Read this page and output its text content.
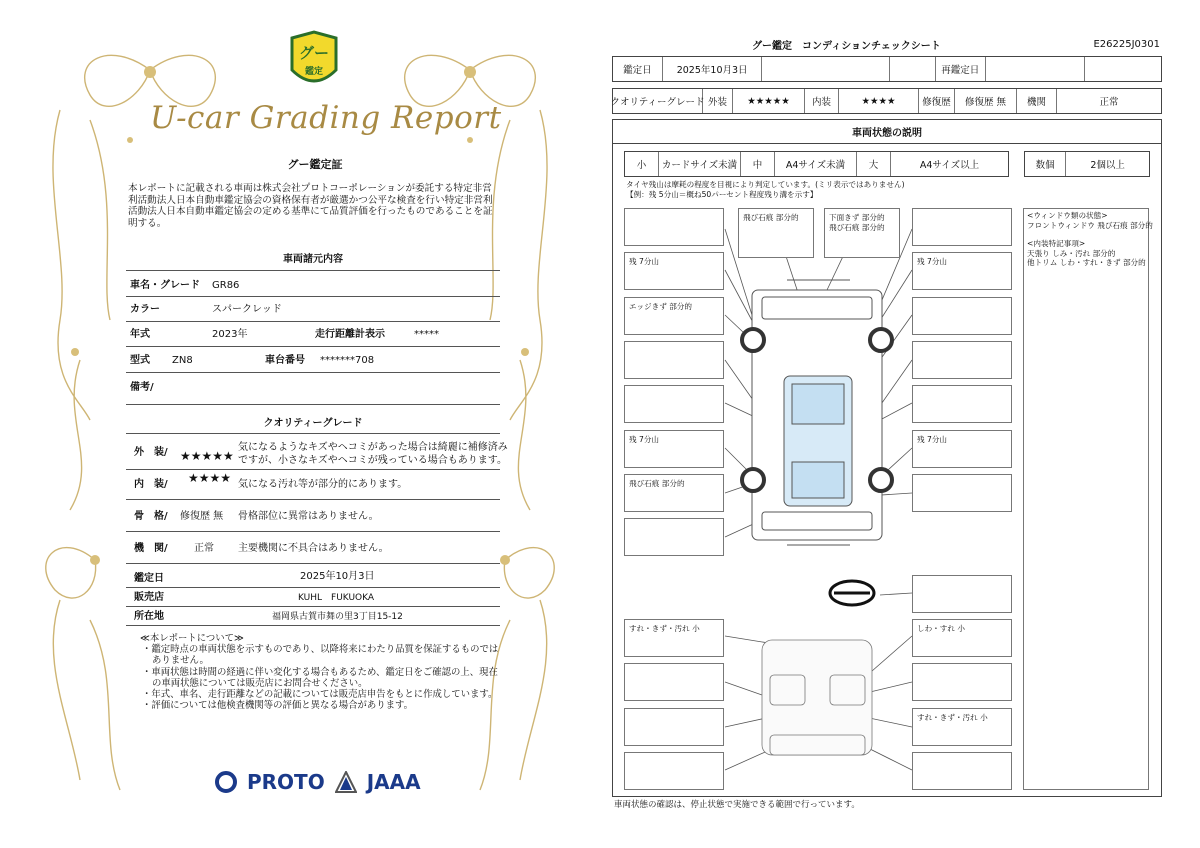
グー
鑑定
U-car Grading Report
グー鑑定証
本レポートに記載される車両は株式会社プロトコーポレーションが委託する特定非営利活動法人日本自動車鑑定協会の資格保有者が厳選かつ公平な検査を行い特定非営利活動法人日本自動車鑑定協会の定める基準にて品質評価を行ったものであることを証明する。
車両諸元内容
車名・グレード GR86
カラー	スパークレッド
年式	2023年	走行距離計表示	*****
型式 ZN8	車台番号 *******708
備考/
クオリティーグレード
外　装/ ★★★★★
気になるようなキズやヘコミがあった場合は綺麗に補修済み
ですが、小さなキズやヘコミが残っている場合もあります。
内　装/ ★★★★ 気になる汚れ等が部分的にあります。
骨　格/ 修復歴 無 骨格部位に異常はありません。
機　関/	正常 主要機関に不具合はありません。
鑑定日	2025年10月3日
販売店	KUHL　FUKUOKA
所在地	福岡県古賀市舞の里3丁目15-12
≪本レポートについて≫
・鑑定時点の車両状態を示すものであり、以降将来にわたり品質を保証するものではありません。
・車両状態は時間の経過に伴い変化する場合もあるため、鑑定日をご確認の上、現在の車両状態については販売店にお問合せください。
・年式、車名、走行距離などの記載については販売店申告をもとに作成しています。
・評価については他検査機関等の評価と異なる場合があります。
PROTO JAAA
グー鑑定　コンディションチェックシート	E26225J0301
鑑定日	2025年10月3日	再鑑定日
クオリティーグレード 外装	★★★★★	内装	★★★★	修復歴	修復歴 無	機関	正常
車両状態の説明
小	カードサイズ未満	中	A4サイズ未満	大	A4サイズ以上	数個	2個以上
タイヤ残山は摩耗の程度を目視により判定しています。(ミリ表示ではありません)
【例：残 5分山＝概ね50パーセント程度残り溝を示す】
残 7分山
エッジきず 部分的
残 7分山
飛び石痕 部分的
すれ・きず・汚れ 小
飛び石痕 部分的	下面きず 部分的
飛び石痕 部分的
残 7分山
残 7分山
しわ・すれ 小
すれ・きず・汚れ 小
<ウィンドウ類の状態>
フロントウィンドウ 飛び石痕 部分的
<内装特記事項>
天張り しみ・汚れ 部分的
他トリム しわ・すれ・きず 部分的
車両状態の確認は、停止状態で実施できる範囲で行っています。
